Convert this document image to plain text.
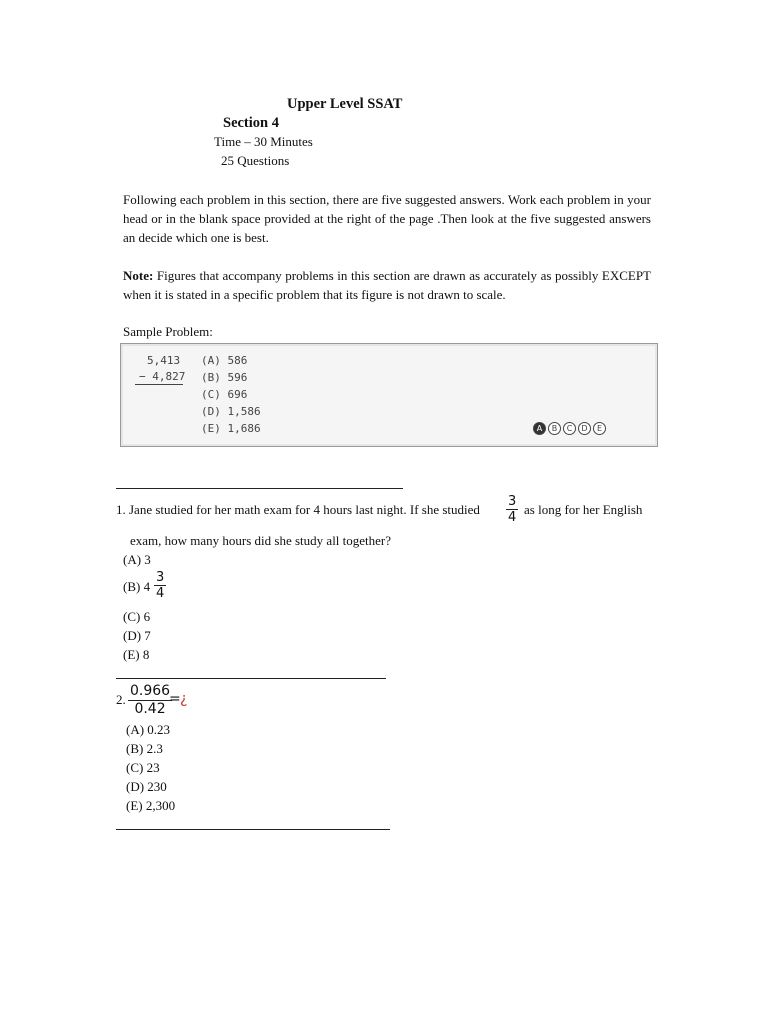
Upper Level SSAT
Section 4
Time – 30 Minutes
25 Questions
Following each problem in this section, there are five suggested answers. Work each problem in your head or in the blank space provided at the right of the page .Then look at the five suggested answers an decide which one is best.
Note: Figures that accompany problems in this section are drawn as accurately as possibly EXCEPT when it is stated in a specific problem that its figure is not drawn to scale.
Sample Problem:
5,413
− 4,827
(A) 586
(B) 596
(C) 696
(D) 1,586
(E) 1,686	A B C D E
1. Jane studied for her math exam for 4 hours last night. If she studied $\frac{3}{4}$ as long for her English
exam, how many hours did she study all together?
(A) 3
(B) $4 \frac{3}{4}$
(C) 6
(D) 7
(E) 8
2. $\frac{0.966}{0.42}$
= ¿
(A) 0.23
(B) 2.3
(C) 23
(D) 230
(E) 2,300
